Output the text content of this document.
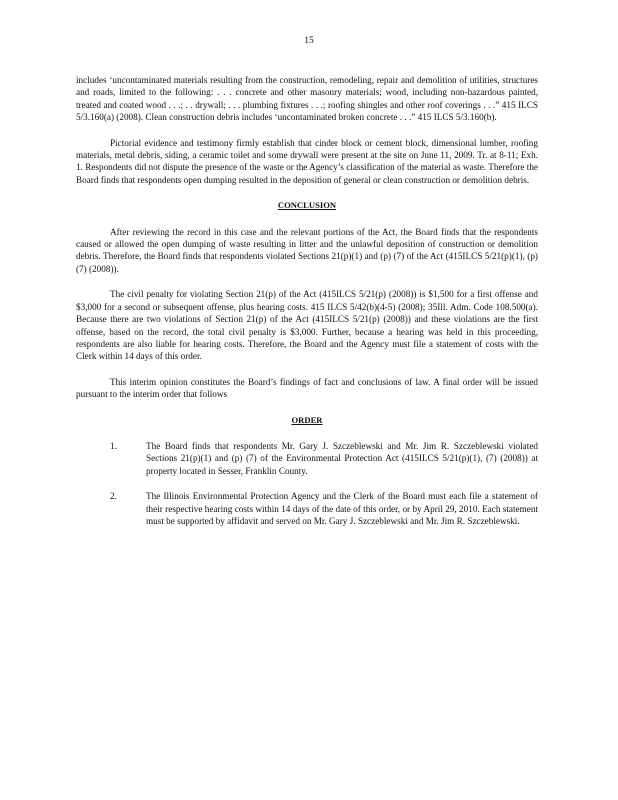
15

includes ‘uncontaminated materials resulting from the construction, remodeling, repair and demolition of utilities, structures and roads, limited to the following: . . . concrete and other masonry materials; wood, including non-hazardous painted, treated and coated wood . . .; . . drywall; . . . plumbing fixtures . . .; roofing shingles and other roof coverings . . .” 415 ILCS 5/3.160(a) (2008). Clean construction debris includes ‘uncontaminated broken concrete . . .” 415 ILCS 5/3.160(b).

Pictorial evidence and testimony firmly establish that cinder block or cement block, dimensional lumber, roofing materials, metal debris, siding, a ceramic toilet and some drywall were present at the site on June 11, 2009. Tr. at 8-11; Exh. 1. Respondents did not dispute the presence of the waste or the Agency’s classification of the material as waste. Therefore the Board finds that respondents open dumping resulted in the deposition of general or clean construction or demolition debris.

CONCLUSION

After reviewing the record in this case and the relevant portions of the Act, the Board finds that the respondents caused or allowed the open dumping of waste resulting in litter and the unlawful deposition of construction or demolition debris. Therefore, the Board finds that respondents violated Sections 21(p)(1) and (p) (7) of the Act (415ILCS 5/21(p)(1), (p) (7) (2008)).

The civil penalty for violating Section 21(p) of the Act (415ILCS 5/21(p) (2008)) is $1,500 for a first offense and $3,000 for a second or subsequent offense, plus hearing costs. 415 ILCS 5/42(b)(4-5) (2008); 35Ill. Adm. Code 108.500(a). Because there are two violations of Section 21(p) of the Act (415ILCS 5/21(p) (2008)) and these violations are the first offense, based on the record, the total civil penalty is $3,000. Further, because a hearing was held in this proceeding, respondents are also liable for hearing costs. Therefore, the Board and the Agency must file a statement of costs with the Clerk within 14 days of this order.

This interim opinion constitutes the Board’s findings of fact and conclusions of law. A final order will be issued pursuant to the interim order that follows

ORDER
1.	The Board finds that respondents Mr. Gary J. Szczeblewski and Mr. Jim R. Szczeblewski violated Sections 21(p)(1) and (p) (7) of the Environmental Protection Act (415ILCS 5/21(p)(1), (7) (2008)) at property located in Sesser, Franklin County.
2.	The Illinois Environmental Protection Agency and the Clerk of the Board must each file a statement of their respective hearing costs within 14 days of the date of this order, or by April 29, 2010. Each statement must be supported by affidavit and served on Mr. Gary J. Szczeblewski and Mr. Jim R. Szczeblewski.
